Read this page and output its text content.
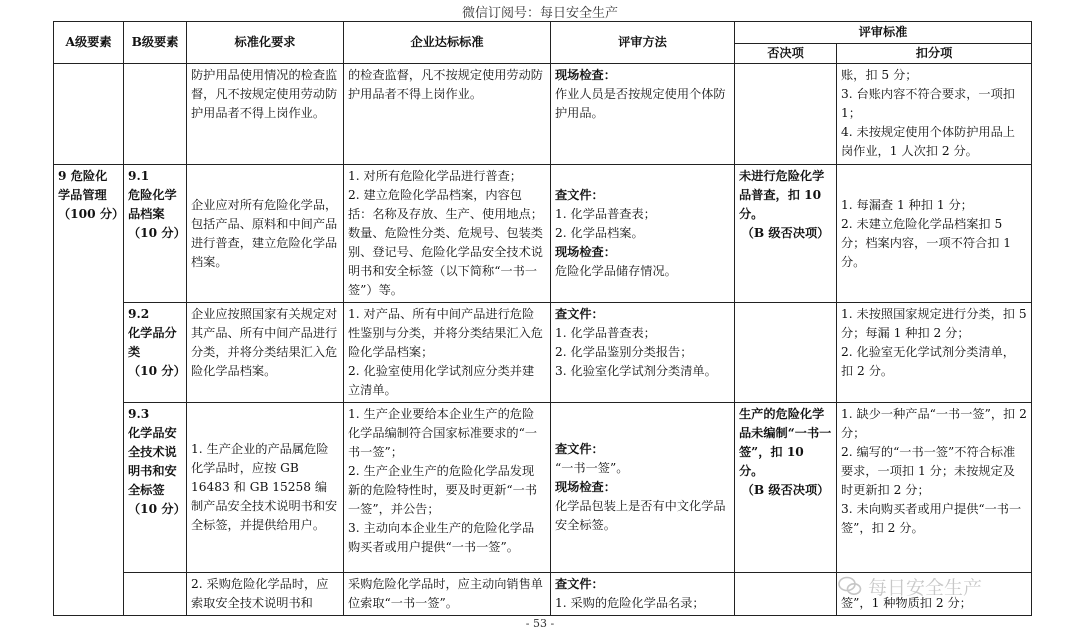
微信订阅号：每日安全生产
A级要素	B级要素	标准化要求	企业达标标准	评审方法	评审标准	
					否决项	扣分项
		防护用品使用情况的检查监督，凡不按规定使用劳动防护用品者不得上岗作业。	的检查监督，凡不按规定使用劳动防护用品者不得上岗作业。	现场检查：
作业人员是否按规定使用个体防护用品。		账，扣 5 分；
3. 台账内容不符合要求，一项扣 1；
4. 未按规定使用个体防护用品上岗作业，1 人次扣 2 分。

9 危险化学品管理（100 分）	9.1
危险化学品档案
（10 分）	企业应对所有危险化学品，包括产品、原料和中间产品进行普查，建立危险化学品档案。	1. 对所有危险化学品进行普查；
2. 建立危险化学品档案，内容包括：名称及存放、生产、使用地点；数量、危险性分类、危规号、包装类别、登记号、危险化学品安全技术说明书和安全标签（以下简称“一书一签”）等。	查文件：
1. 化学品普查表；
2. 化学品档案。
现场检查：
危险化学品储存情况。	未进行危险化学品普查，扣 10 分。
（B 级否决项）	1. 每漏查 1 种扣 1 分；
2. 未建立危险化学品档案扣 5 分；档案内容，一项不符合扣 1 分。

	9.2
化学品分类
（10 分）	企业应按照国家有关规定对其产品、所有中间产品进行分类，并将分类结果汇入危险化学品档案。	1. 对产品、所有中间产品进行危险性鉴别与分类，并将分类结果汇入危险化学品档案；
2. 化验室使用化学试剂应分类并建立清单。	查文件：
1. 化学品普查表；
2. 化学品鉴别分类报告；
3. 化验室化学试剂分类清单。		1. 未按照国家规定进行分类，扣 5 分；每漏 1 种扣 2 分；
2. 化验室无化学试剂分类清单，扣 2 分。

	9.3
化学品安全技术说明书和安全标签
（10 分）	1. 生产企业的产品属危险化学品时，应按 GB 16483 和 GB 15258 编制产品安全技术说明书和安全标签，并提供给用户。	1. 生产企业要给本企业生产的危险化学品编制符合国家标准要求的“一书一签”；
2. 生产企业生产的危险化学品发现新的危险特性时，要及时更新“一书一签”，并公告；
3. 主动向本企业生产的危险化学品购买者或用户提供“一书一签”。	查文件：
“一书一签”。
现场检查：
化学品包装上是否有中文化学品安全标签。	生产的危险化学品未编制“一书一签”，扣 10 分。
（B 级否决项）	1. 缺少一种产品“一书一签”，扣 2 分；
2. 编写的“一书一签”不符合标准要求，一项扣 1 分；未按规定及时更新扣 2 分；
3. 未向购买者或用户提供“一书一签”，扣 2 分。

		2. 采购危险化学品时，应索取安全技术说明书和	采购危险化学品时，应主动向销售单位索取“一书一签”。	查文件：
1. 采购的危险化学品名录；		签”，1 种物质扣 2 分；
每日安全生产
- 53 -
